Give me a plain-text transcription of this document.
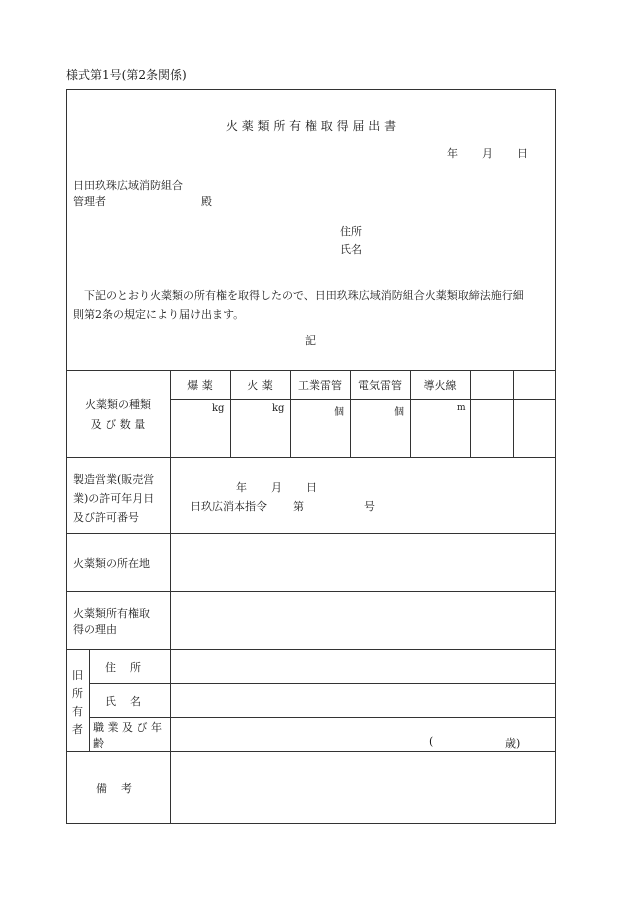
様式第1号(第2条関係)
火 薬 類 所 有 権 取 得 届 出 書
年 月 日
日田玖珠広域消防組合
管理者	殿
住所
氏名
下記のとおり火薬類の所有権を取得したので、日田玖珠広域消防組合火薬類取締法施行細
則第2条の規定により届け出ます。
記
火薬類の種類
及 び 数 量
爆 薬	火 薬	工業雷管	電気雷管	導火線
kg	kg	個	個	m
製造営業(販売営
業)の許可年月日
及び許可番号
年 月 日
日玖広消本指令 第	号
火薬類の所在地
火薬類所有権取
得の理由
旧
所
有
者
住    所
氏    名
職 業 及 び 年
齢	(	歳)
備    考
